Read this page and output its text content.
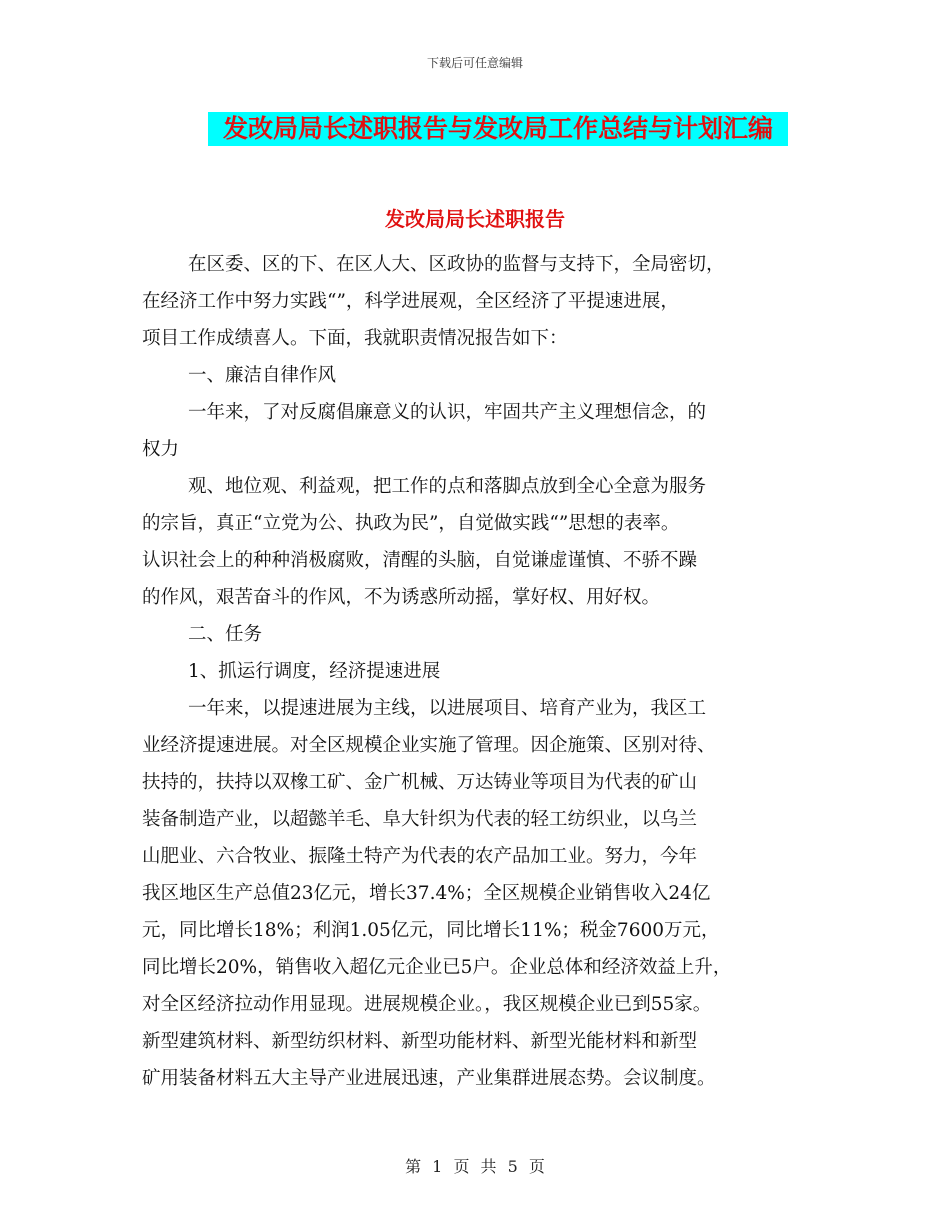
下载后可任意编辑
发改局局长述职报告与发改局工作总结与计划汇编
发改局局长述职报告
在区委、区的下、在区人大、区政协的监督与支持下，全局密切，
在经济工作中努力实践“”，科学进展观，全区经济了平提速进展，
项目工作成绩喜人。下面，我就职责情况报告如下：
一、廉洁自律作风
一年来，了对反腐倡廉意义的认识，牢固共产主义理想信念，的
权力
观、地位观、利益观，把工作的点和落脚点放到全心全意为服务
的宗旨，真正“立党为公、执政为民”，自觉做实践“”思想的表率。
认识社会上的种种消极腐败，清醒的头脑，自觉谦虚谨慎、不骄不躁
的作风，艰苦奋斗的作风，不为诱惑所动摇，掌好权、用好权。
二、任务
1、抓运行调度，经济提速进展
一年来，以提速进展为主线，以进展项目、培育产业为，我区工
业经济提速进展。对全区规模企业实施了管理。因企施策、区别对待、
扶持的，扶持以双橡工矿、金广机械、万达铸业等项目为代表的矿山
装备制造产业，以超懿羊毛、阜大针织为代表的轻工纺织业，以乌兰
山肥业、六合牧业、振隆土特产为代表的农产品加工业。努力，今年
我区地区生产总值23亿元，增长37.4%；全区规模企业销售收入24亿
元，同比增长18%；利润1.05亿元，同比增长11%；税金7600万元，
同比增长20%，销售收入超亿元企业已5户。企业总体和经济效益上升，
对全区经济拉动作用显现。进展规模企业。，我区规模企业已到55家。
新型建筑材料、新型纺织材料、新型功能材料、新型光能材料和新型
矿用装备材料五大主导产业进展迅速，产业集群进展态势。会议制度。
第 1 页 共 5 页
